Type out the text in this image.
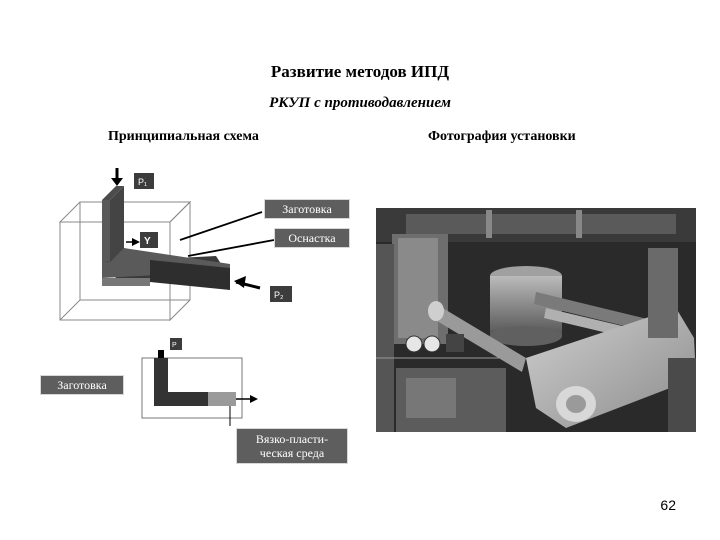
Развитие методов ИПД
РКУП с противодавлением
Принципиальная схема	Фотография установки
P₁
Y
P₂
Заготовка
Оснастка
P
Заготовка
Вязко-пласти-
ческая среда
62
